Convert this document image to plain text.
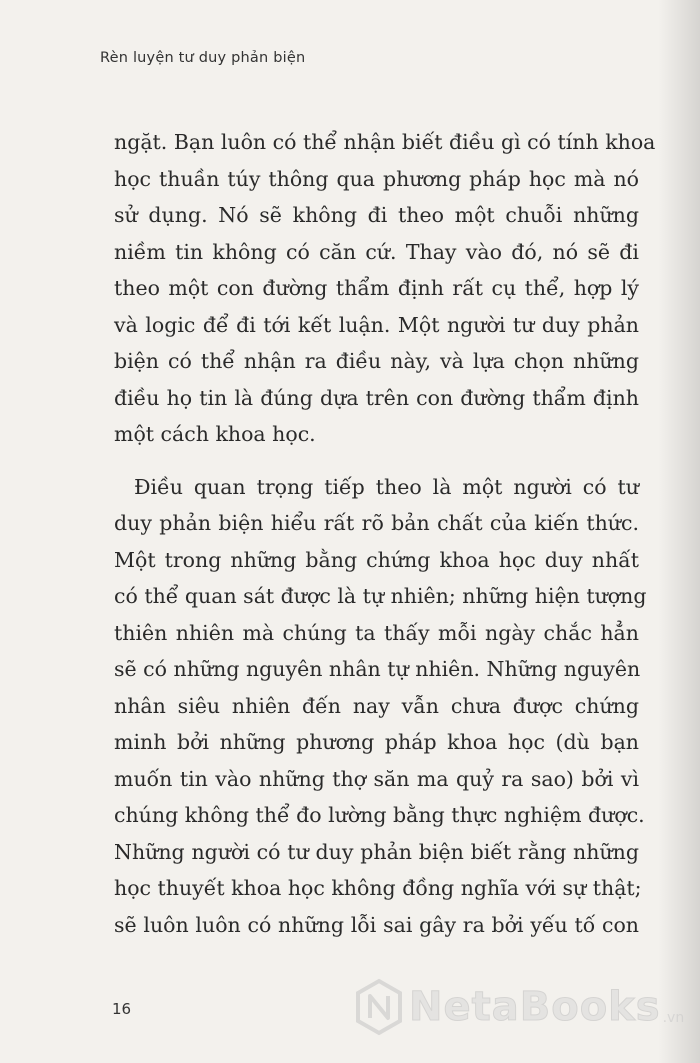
Rèn luyện tư duy phản biện
ngặt. Bạn luôn có thể nhận biết điều gì có tính khoa
học thuần túy thông qua phương pháp học mà nó
sử dụng. Nó sẽ không đi theo một chuỗi những
niềm tin không có căn cứ. Thay vào đó, nó sẽ đi
theo một con đường thẩm định rất cụ thể, hợp lý
và logic để đi tới kết luận. Một người tư duy phản
biện có thể nhận ra điều này, và lựa chọn những
điều họ tin là đúng dựa trên con đường thẩm định
một cách khoa học.
Điều quan trọng tiếp theo là một người có tư
duy phản biện hiểu rất rõ bản chất của kiến thức.
Một trong những bằng chứng khoa học duy nhất
có thể quan sát được là tự nhiên; những hiện tượng
thiên nhiên mà chúng ta thấy mỗi ngày chắc hẳn
sẽ có những nguyên nhân tự nhiên. Những nguyên
nhân siêu nhiên đến nay vẫn chưa được chứng
minh bởi những phương pháp khoa học (dù bạn
muốn tin vào những thợ săn ma quỷ ra sao) bởi vì
chúng không thể đo lường bằng thực nghiệm được.
Những người có tư duy phản biện biết rằng những
học thuyết khoa học không đồng nghĩa với sự thật;
sẽ luôn luôn có những lỗi sai gây ra bởi yếu tố con
16	NetaBooks .vn
